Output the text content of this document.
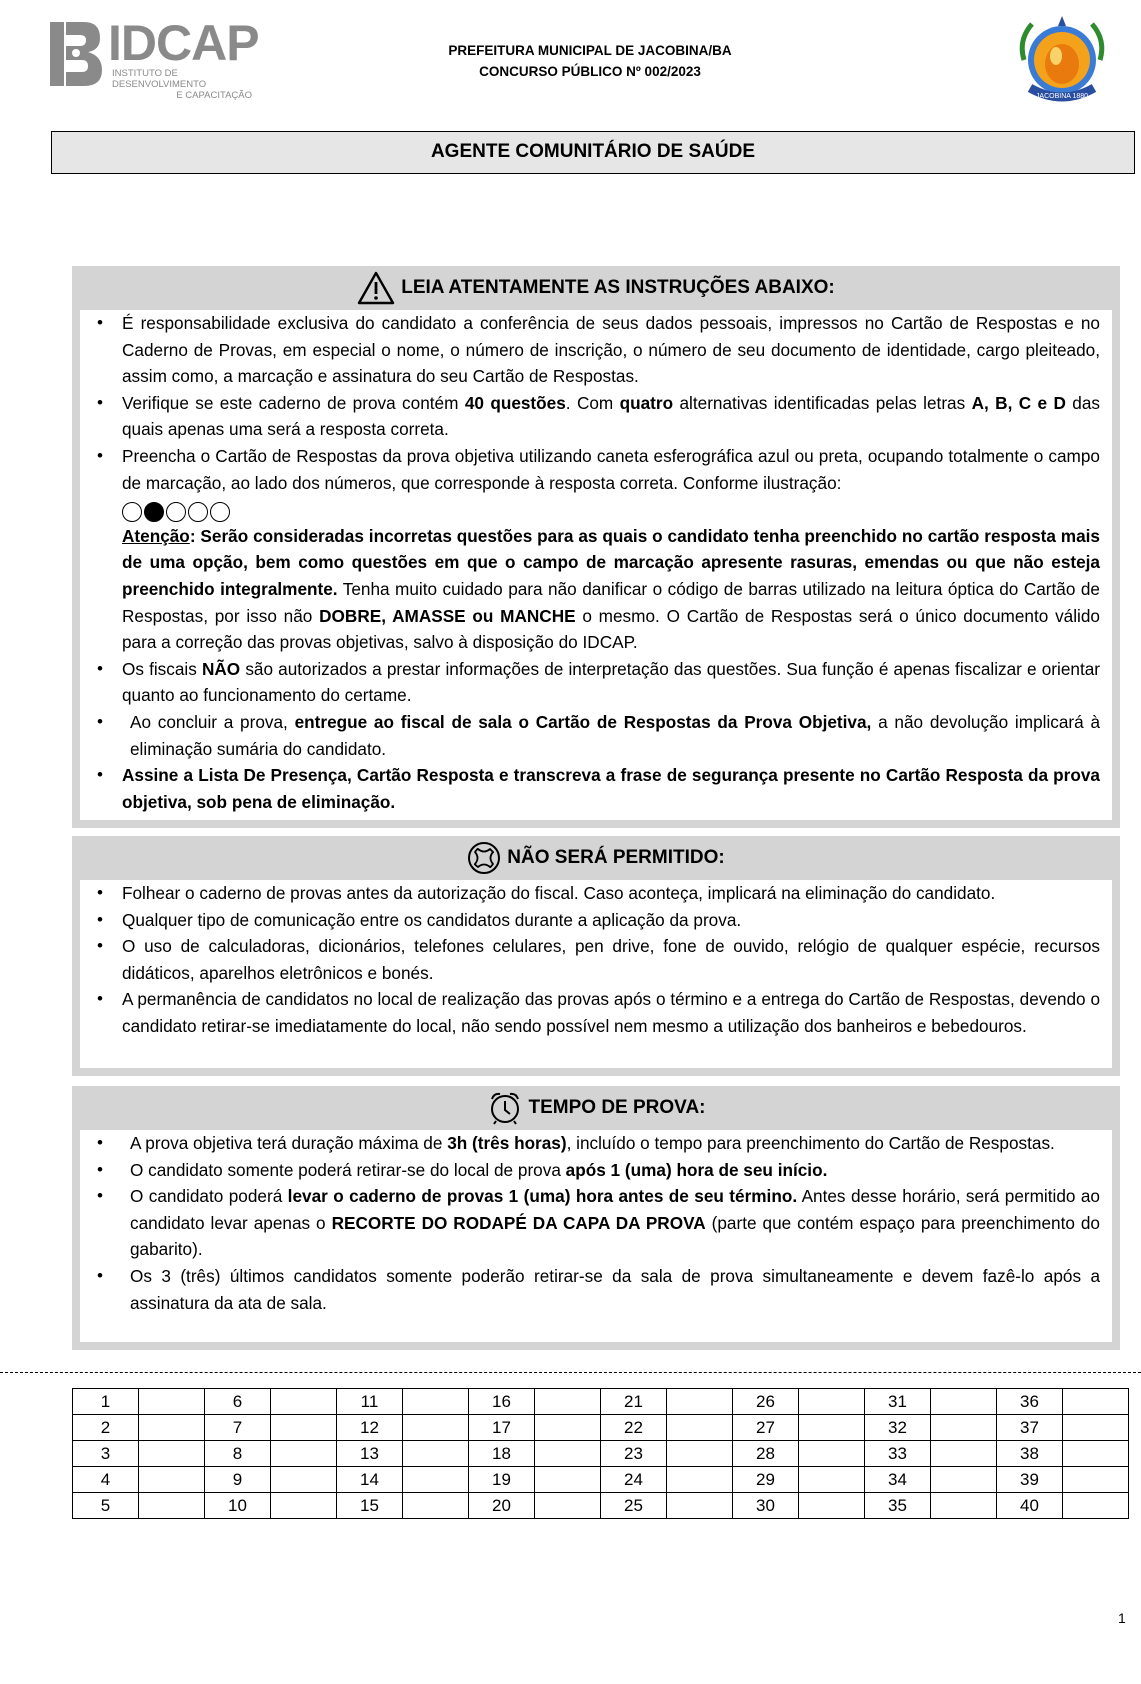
IDCAP
INSTITUTO DE DESENVOLVIMENTO
E CAPACITAÇÃO
PREFEITURA MUNICIPAL DE JACOBINA/BA
CONCURSO PÚBLICO Nº 002/2023
JACOBINA 1880
AGENTE COMUNITÁRIO DE SAÚDE
LEIA ATENTAMENTE AS INSTRUÇÕES ABAIXO:
• É responsabilidade exclusiva do candidato a conferência de seus dados pessoais, impressos no Cartão de Respostas e no Caderno de Provas, em especial o nome, o número de inscrição, o número de seu documento de identidade, cargo pleiteado, assim como, a marcação e assinatura do seu Cartão de Respostas.
• Verifique se este caderno de prova contém 40 questões. Com quatro alternativas identificadas pelas letras A, B, C e D das quais apenas uma será a resposta correta.
• Preencha o Cartão de Respostas da prova objetiva utilizando caneta esferográfica azul ou preta, ocupando totalmente o campo de marcação, ao lado dos números, que corresponde à resposta correta. Conforme ilustração:

Atenção: Serão consideradas incorretas questões para as quais o candidato tenha preenchido no cartão resposta mais de uma opção, bem como questões em que o campo de marcação apresente rasuras, emendas ou que não esteja preenchido integralmente. Tenha muito cuidado para não danificar o código de barras utilizado na leitura óptica do Cartão de Respostas, por isso não DOBRE, AMASSE ou MANCHE o mesmo. O Cartão de Respostas será o único documento válido para a correção das provas objetivas, salvo à disposição do IDCAP.
• Os fiscais NÃO são autorizados a prestar informações de interpretação das questões. Sua função é apenas fiscalizar e orientar quanto ao funcionamento do certame.
• Ao concluir a prova, entregue ao fiscal de sala o Cartão de Respostas da Prova Objetiva, a não devolução implicará à eliminação sumária do candidato.
• Assine a Lista De Presença, Cartão Resposta e transcreva a frase de segurança presente no Cartão Resposta da prova objetiva, sob pena de eliminação.
NÃO SERÁ PERMITIDO:
• Folhear o caderno de provas antes da autorização do fiscal. Caso aconteça, implicará na eliminação do candidato.
• Qualquer tipo de comunicação entre os candidatos durante a aplicação da prova.
• O uso de calculadoras, dicionários, telefones celulares, pen drive, fone de ouvido, relógio de qualquer espécie, recursos didáticos, aparelhos eletrônicos e bonés.
• A permanência de candidatos no local de realização das provas após o término e a entrega do Cartão de Respostas, devendo o candidato retirar-se imediatamente do local, não sendo possível nem mesmo a utilização dos banheiros e bebedouros.
TEMPO DE PROVA:
• A prova objetiva terá duração máxima de 3h (três horas), incluído o tempo para preenchimento do Cartão de Respostas.
• O candidato somente poderá retirar-se do local de prova após 1 (uma) hora de seu início.
• O candidato poderá levar o caderno de provas 1 (uma) hora antes de seu término. Antes desse horário, será permitido ao candidato levar apenas o RECORTE DO RODAPÉ DA CAPA DA PROVA (parte que contém espaço para preenchimento do gabarito).
• Os 3 (três) últimos candidatos somente poderão retirar-se da sala de prova simultaneamente e devem fazê-lo após a assinatura da ata de sala.
1		6		11		16		21		26		31		36	
2		7		12		17		22		27		32		37	
3		8		13		18		23		28		33		38	
4		9		14		19		24		29		34		39	
5		10		15		20		25		30		35		40	
1
